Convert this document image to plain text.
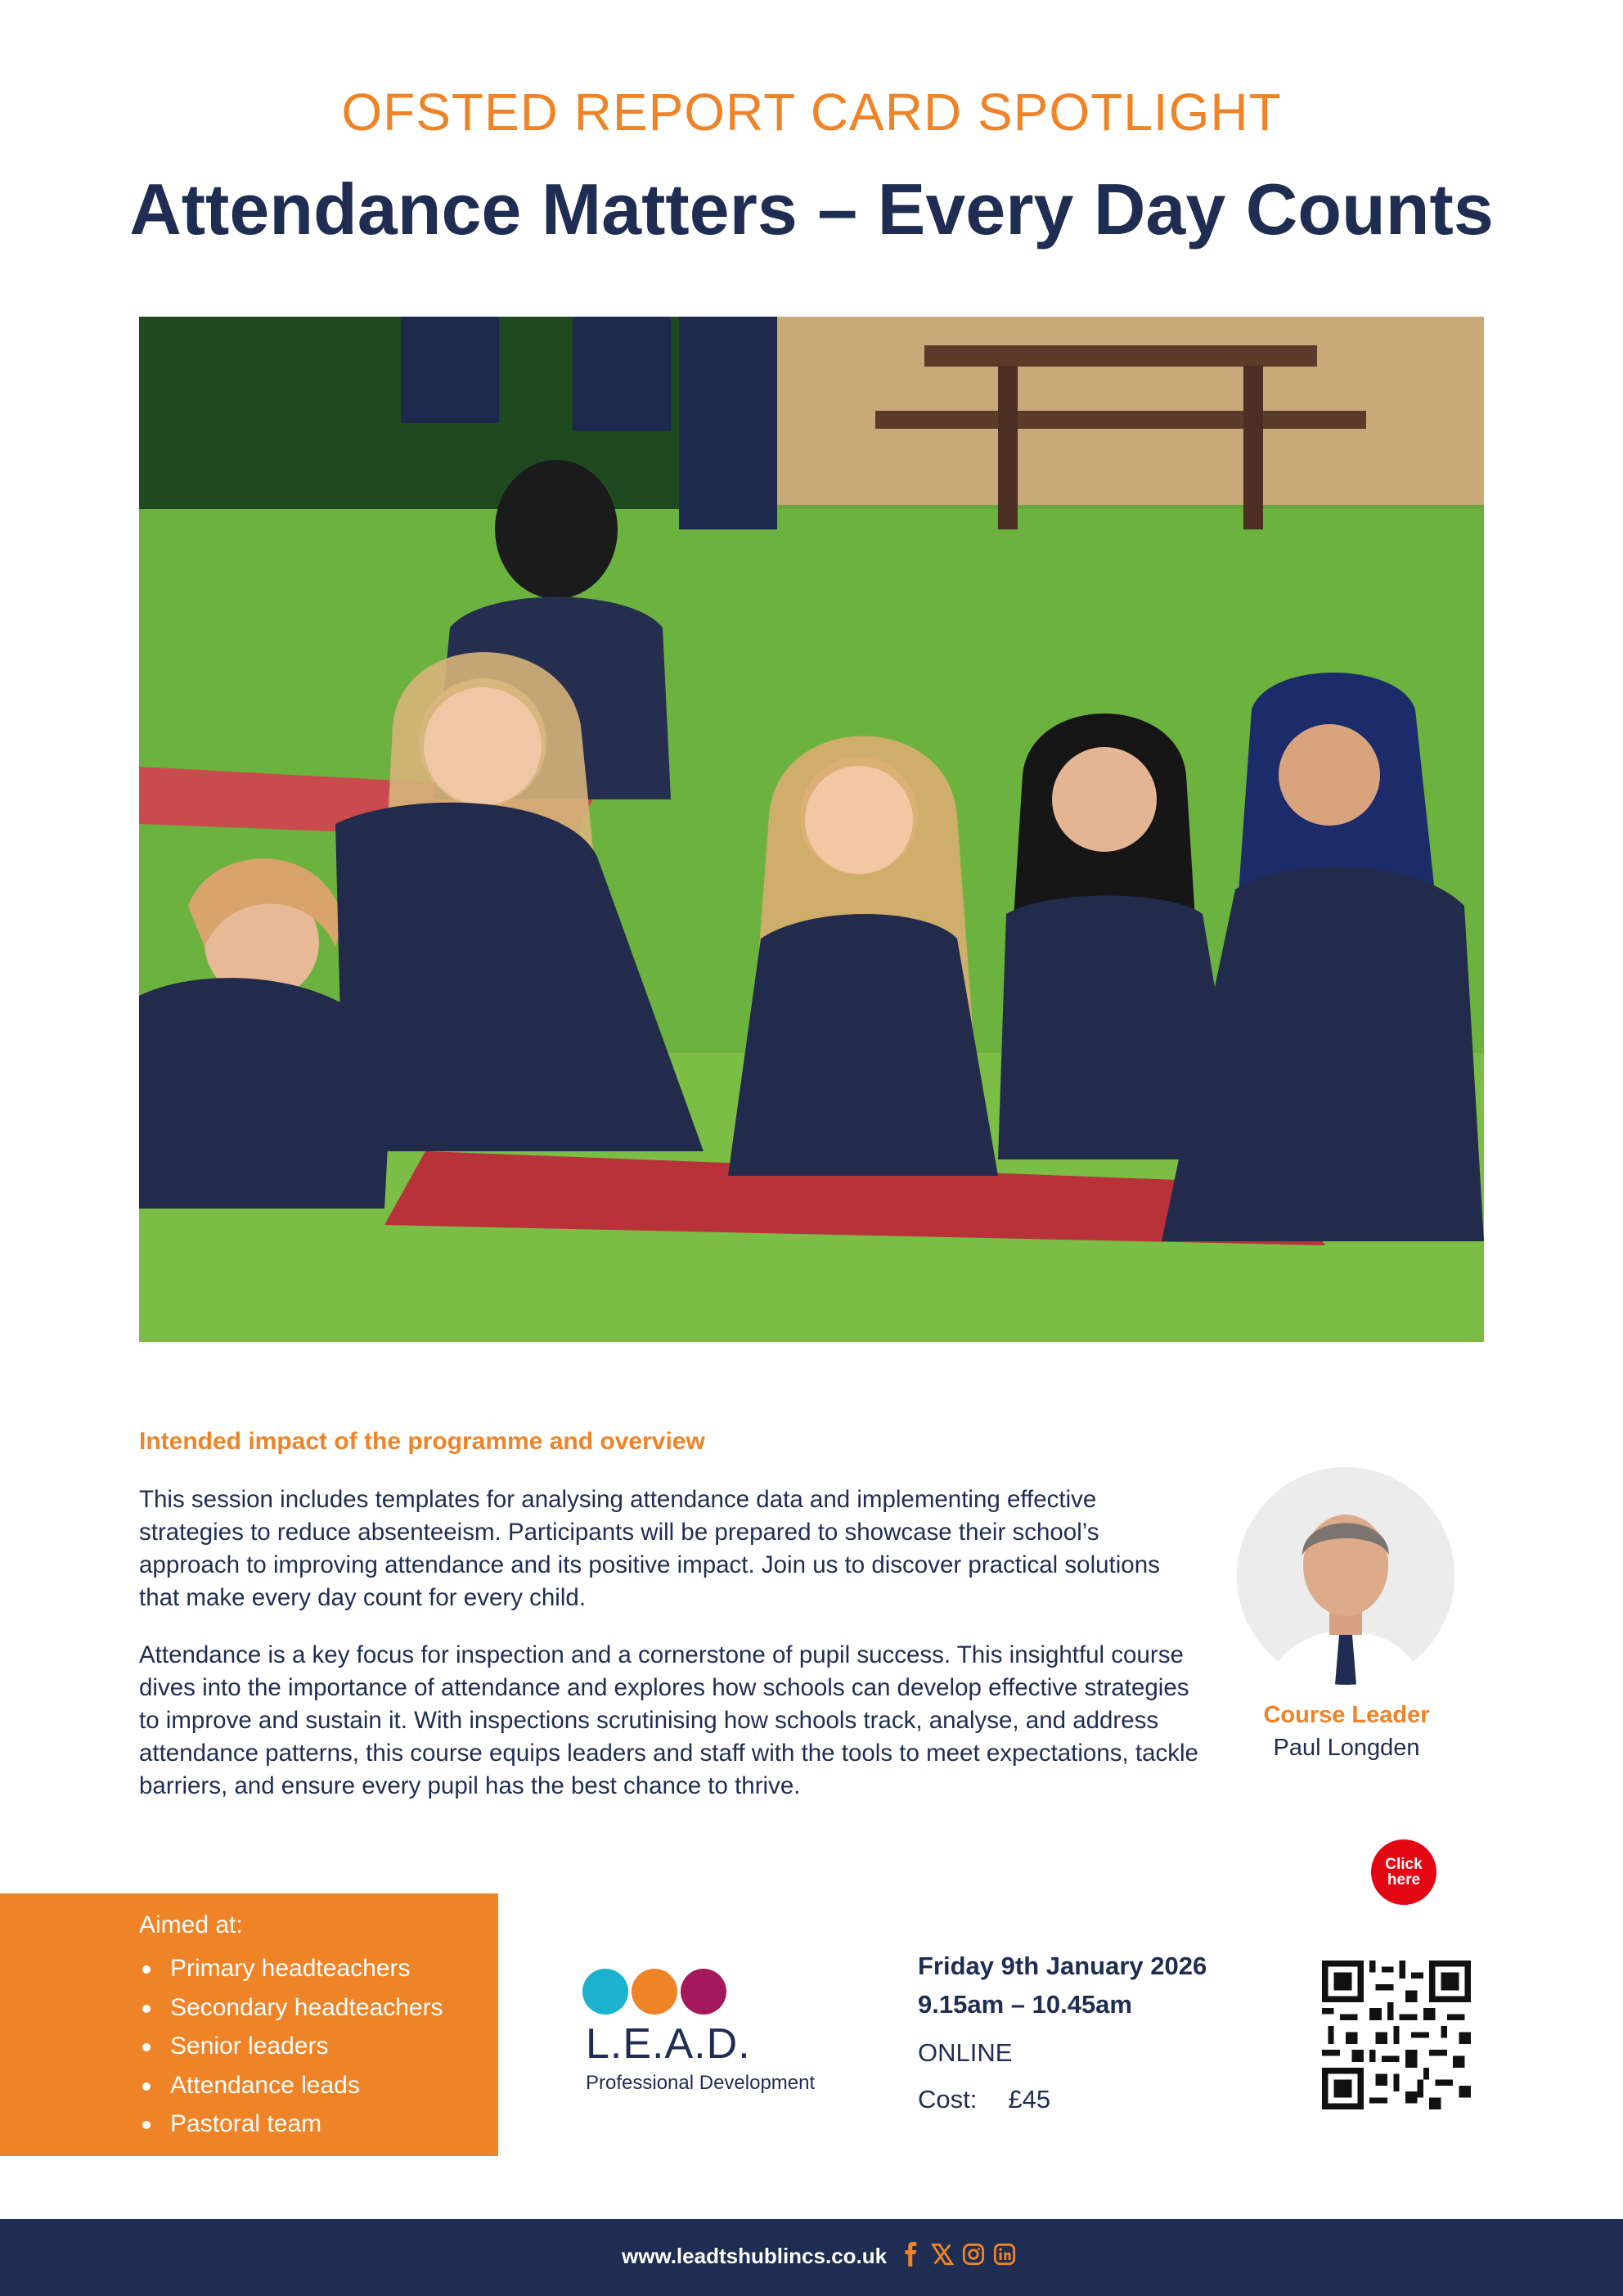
OFSTED REPORT CARD SPOTLIGHT
Attendance Matters – Every Day Counts
Intended impact of the programme and overview

This session includes templates for analysing attendance data and implementing effective strategies to reduce absenteeism. Participants will be prepared to showcase their school’s approach to improving attendance and its positive impact. Join us to discover practical solutions that make every day count for every child.

Attendance is a key focus for inspection and a cornerstone of pupil success. This insightful course dives into the importance of attendance and explores how schools can develop effective strategies to improve and sustain it. With inspections scrutinising how schools track, analyse, and address attendance patterns, this course equips leaders and staff with the tools to meet expectations, tackle barriers, and ensure every pupil has the best chance to thrive.

Course Leader
Paul Longden
Click
here
Aimed at:
Primary headteachers
Secondary headteachers
Senior leaders
Attendance leads
Pastoral team
L.E.A.D.
Professional Development
Friday 9th January 2026
9.15am – 10.45am
ONLINE
Cost: £45
www.leadtshublincs.co.uk
